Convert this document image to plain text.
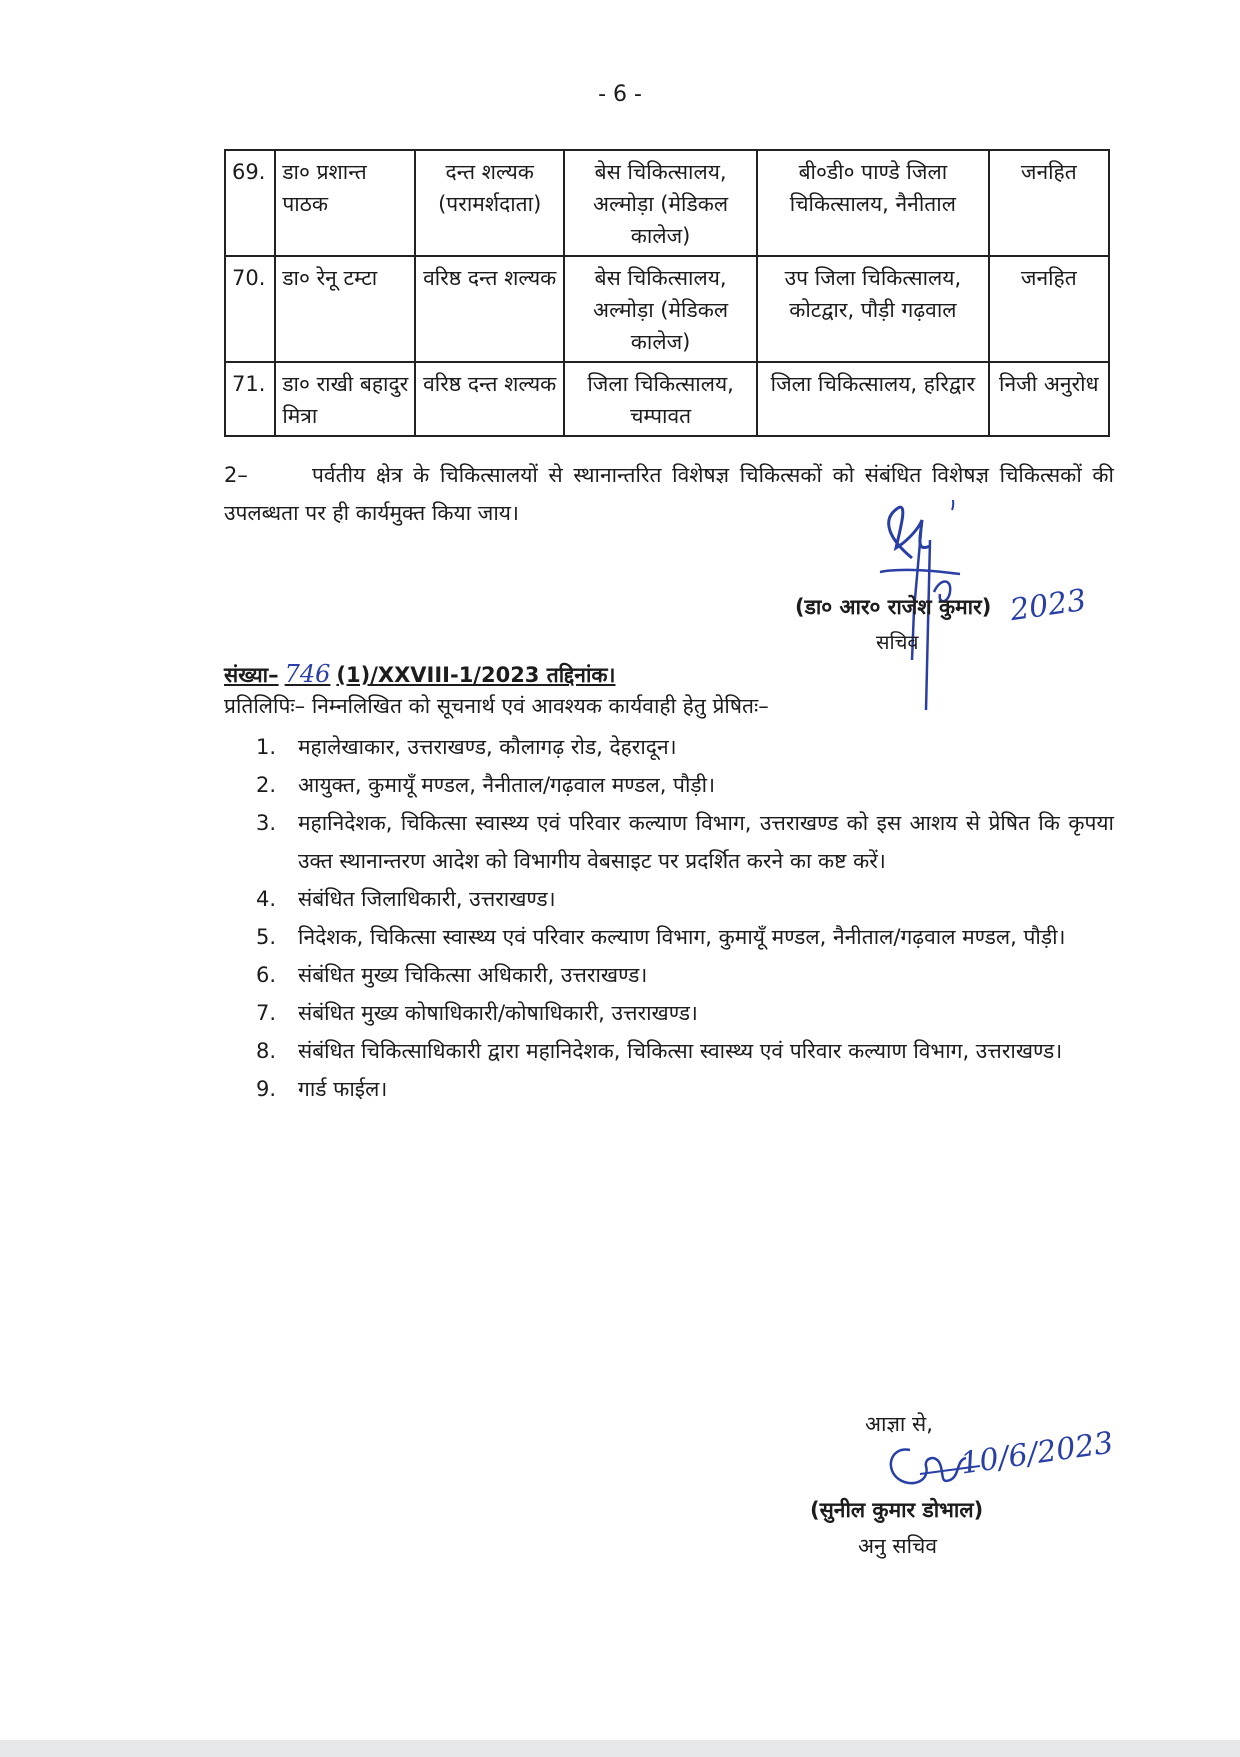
- 6 -
69.	डा० प्रशान्त पाठक	दन्त शल्यक (परामर्शदाता)	बेस चिकित्सालय, अल्मोड़ा (मेडिकल कालेज)	बी०डी० पाण्डे जिला चिकित्सालय, नैनीताल	जनहित
70.	डा० रेनू टम्टा	वरिष्ठ दन्त शल्यक	बेस चिकित्सालय, अल्मोड़ा (मेडिकल कालेज)	उप जिला चिकित्सालय, कोटद्वार, पौड़ी गढ़वाल	जनहित
71.	डा० राखी बहादुर मित्रा	वरिष्ठ दन्त शल्यक	जिला चिकित्सालय, चम्पावत	जिला चिकित्सालय, हरिद्वार	निजी अनुरोध
2–	पर्वतीय क्षेत्र के चिकित्सालयों से स्थानान्तरित विशेषज्ञ चिकित्सकों को संबंधित विशेषज्ञ चिकित्सकों की उपलब्धता पर ही कार्यमुक्त किया जाय।
2023
(डा० आर० राजेश कुमार)
सचिव
संख्या– 746 (1)/XXVIII-1/2023 तद्दिनांक।
प्रतिलिपिः– निम्नलिखित को सूचनार्थ एवं आवश्यक कार्यवाही हेतु प्रेषितः–
1. महालेखाकार, उत्तराखण्ड, कौलागढ़ रोड, देहरादून।
2. आयुक्त, कुमायूँ मण्डल, नैनीताल/गढ़वाल मण्डल, पौड़ी।
3. महानिदेशक, चिकित्सा स्वास्थ्य एवं परिवार कल्याण विभाग, उत्तराखण्ड को इस आशय से प्रेषित कि कृपया उक्त स्थानान्तरण आदेश को विभागीय वेबसाइट पर प्रदर्शित करने का कष्ट करें।
4. संबंधित जिलाधिकारी, उत्तराखण्ड।
5. निदेशक, चिकित्सा स्वास्थ्य एवं परिवार कल्याण विभाग, कुमायूँ मण्डल, नैनीताल/गढ़वाल मण्डल, पौड़ी।
6. संबंधित मुख्य चिकित्सा अधिकारी, उत्तराखण्ड।
7. संबंधित मुख्य कोषाधिकारी/कोषाधिकारी, उत्तराखण्ड।
8. संबंधित चिकित्साधिकारी द्वारा महानिदेशक, चिकित्सा स्वास्थ्य एवं परिवार कल्याण विभाग, उत्तराखण्ड।
9. गार्ड फाईल।
आज्ञा से,
10/6/2023
(सुनील कुमार डोभाल)
अनु सचिव
